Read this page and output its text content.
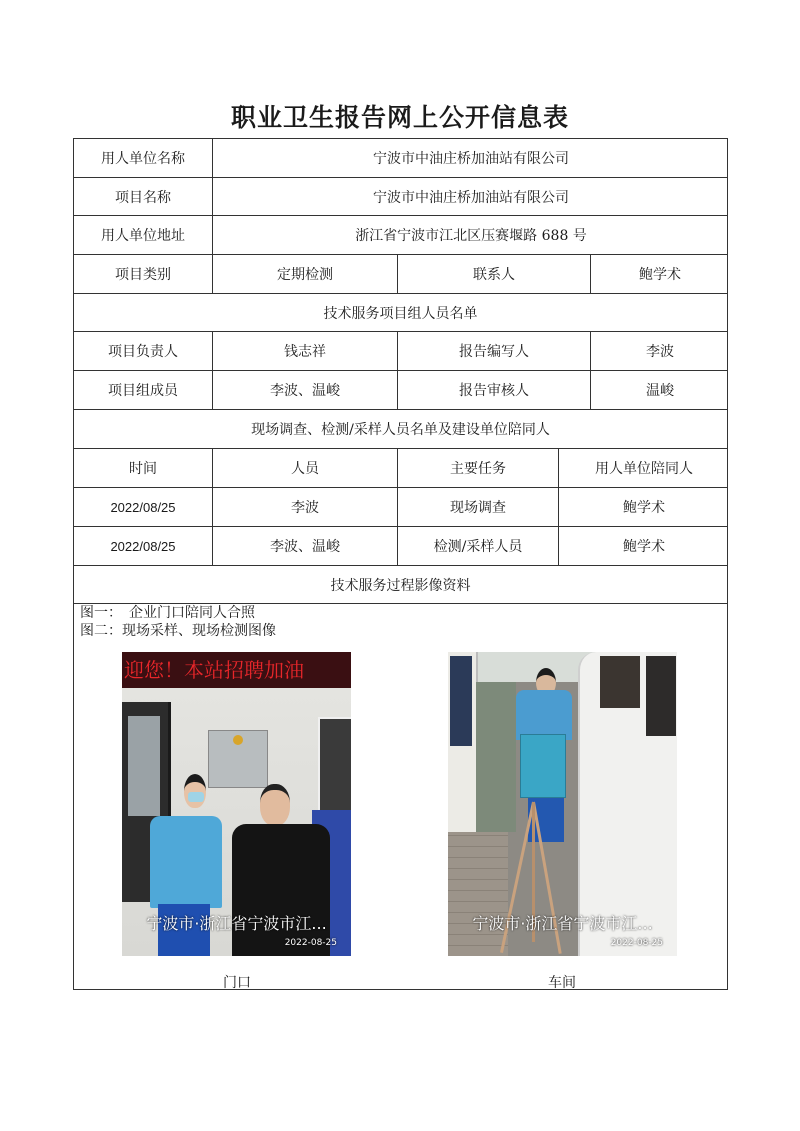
职业卫生报告网上公开信息表
用人单位名称	宁波市中油庄桥加油站有限公司
项目名称	宁波市中油庄桥加油站有限公司
用人单位地址	浙江省宁波市江北区压赛堰路 688 号
项目类别	定期检测	联系人	鲍学术
技术服务项目组人员名单
项目负责人	钱志祥	报告编写人	李波
项目组成员	李波、温峻	报告审核人	温峻
现场调查、检测/采样人员名单及建设单位陪同人
时间	人员	主要任务	用人单位陪同人
2022/08/25	李波	现场调查	鲍学术
2022/08/25	李波、温峻	检测/采样人员	鲍学术
技术服务过程影像资料
图一：　企业门口陪同人合照
图二：现场采样、现场检测图像
迎您！本站招聘加油
宁波市·浙江省宁波市江...
2022-08-25
门口
宁波市·浙江省宁波市江...
2022-08-25
车间
